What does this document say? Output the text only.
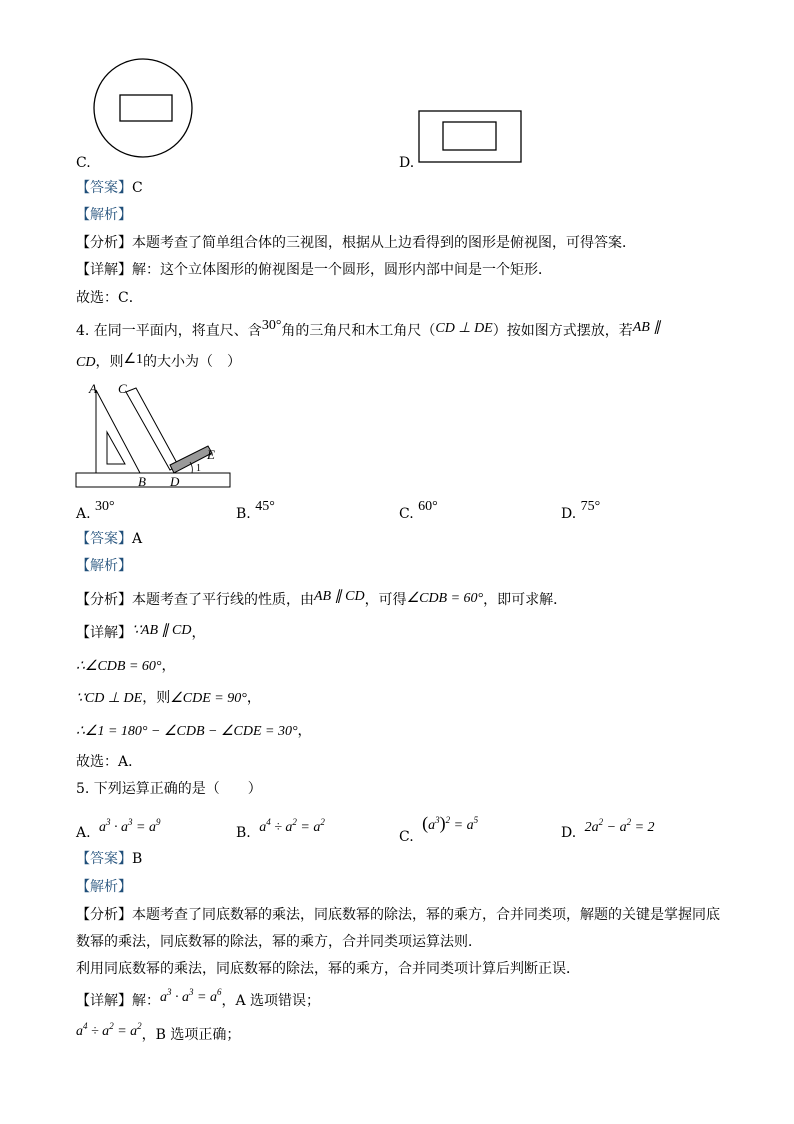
C.	D.
【答案】C
【解析】
【分析】本题考查了简单组合体的三视图，根据从上边看得到的图形是俯视图，可得答案．
【详解】解：这个立体图形的俯视图是一个圆形，圆形内部中间是一个矩形．
故选：C．
4. 在同一平面内，将直尺、含30°角的三角尺和木工角尺（CD ⊥ DE）按如图方式摆放，若AB ∥
CD，则∠1的大小为（　）
A C
E
B D
1
A. 30°	B. 45°	C. 60°	D. 75°
【答案】A
【解析】
【分析】本题考查了平行线的性质，由AB ∥ CD，可得∠CDB = 60°，即可求解．
【详解】∵AB ∥ CD，
∴∠CDB = 60°，
∵CD ⊥ DE，则∠CDE = 90°，
∴∠1 = 180° − ∠CDB − ∠CDE = 30°，
故选：A．
5. 下列运算正确的是（　　）
A. $a^3 \cdot a^3 = a^9$
B. $a^4 \div a^2 = a^2$
C. $(a^3)^2 = a^5$
D. $2a^2 - a^2 = 2$
【答案】B
【解析】
【分析】本题考查了同底数幂的乘法，同底数幂的除法，幂的乘方，合并同类项，解题的关键是掌握同底
数幂的乘法，同底数幂的除法，幂的乘方，合并同类项运算法则．
利用同底数幂的乘法，同底数幂的除法，幂的乘方，合并同类项计算后判断正误．
【详解】解：$a^3 \cdot a^3 = a^6$，A 选项错误；
$a^4 \div a^2 = a^2$，B 选项正确；
